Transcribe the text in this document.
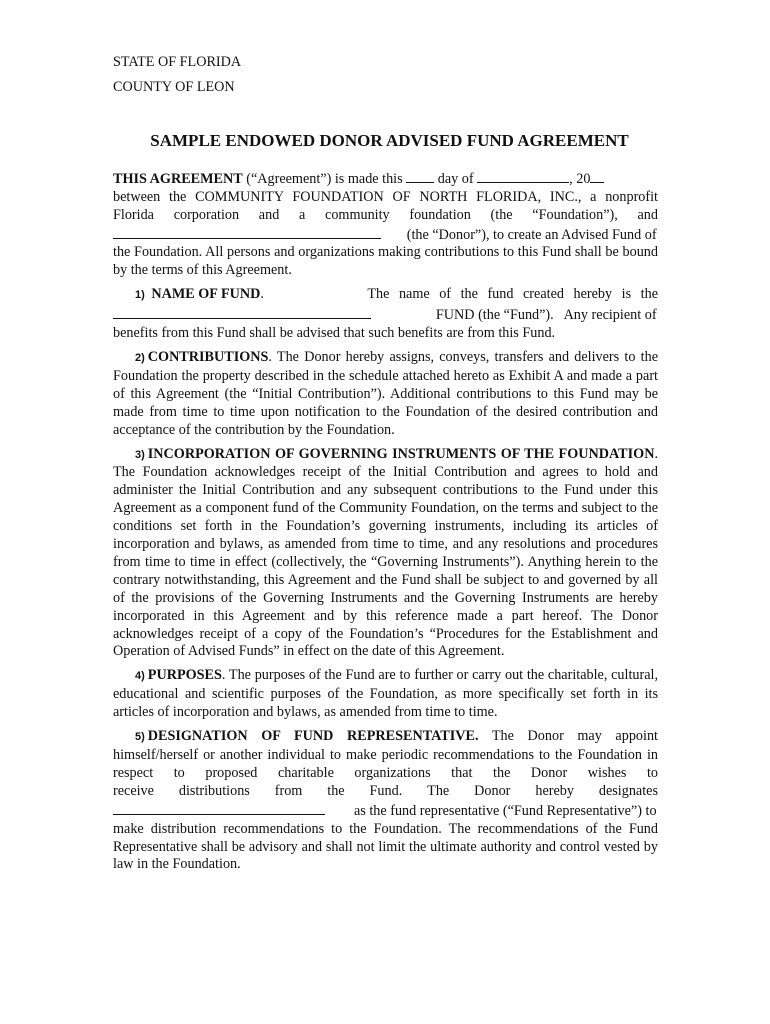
STATE OF FLORIDA

COUNTY OF LEON

SAMPLE ENDOWED DONOR ADVISED FUND AGREEMENT

THIS AGREEMENT (“Agreement”) is made this day of	, 20

between the COMMUNITY FOUNDATION OF NORTH FLORIDA, INC., a nonprofit

Florida corporation and a community foundation (the “Foundation”), and
(the “Donor”), to create an Advised Fund of

the Foundation. All persons and organizations making contributions to this Fund shall be bound by the terms of this Agreement.

1) NAME OF FUND.	The name of the fund created hereby is the
FUND (the “Fund”).   Any recipient of

benefits from this Fund shall be advised that such benefits are from this Fund.

2) CONTRIBUTIONS. The Donor hereby assigns, conveys, transfers and delivers to the Foundation the property described in the schedule attached hereto as Exhibit A and made a part of this Agreement (the “Initial Contribution”). Additional contributions to this Fund may be made from time to time upon notification to the Foundation of the desired contribution and acceptance of the contribution by the Foundation.
3) INCORPORATION OF GOVERNING INSTRUMENTS OF THE FOUNDATION. The Foundation acknowledges receipt of the Initial Contribution and agrees to hold and administer the Initial Contribution and any subsequent contributions to the Fund under this Agreement as a component fund of the Community Foundation, on the terms and subject to the conditions set forth in the Foundation’s governing instruments, including its articles of incorporation and bylaws, as amended from time to time, and any resolutions and procedures from time to time in effect (collectively, the “Governing Instruments”). Anything herein to the contrary notwithstanding, this Agreement and the Fund shall be subject to and governed by all of the provisions of the Governing Instruments and the Governing Instruments are hereby incorporated in this Agreement and by this reference made a part hereof. The Donor acknowledges receipt of a copy of the Foundation’s “Procedures for the Establishment and Operation of Advised Funds” in effect on the date of this Agreement.
4) PURPOSES. The purposes of the Fund are to further or carry out the charitable, cultural, educational and scientific purposes of the Foundation, as more specifically set forth in its articles of incorporation and bylaws, as amended from time to time.

5) DESIGNATION OF FUND REPRESENTATIVE. The Donor may appoint himself/herself or another individual to make periodic recommendations to the Foundation in respect to proposed charitable organizations that the Donor wishes to

receive distributions from the Fund. The Donor hereby designates
as the fund representative (“Fund Representative”) to

make distribution recommendations to the Foundation. The recommendations of the Fund Representative shall be advisory and shall not limit the ultimate authority and control vested by law in the Foundation.
